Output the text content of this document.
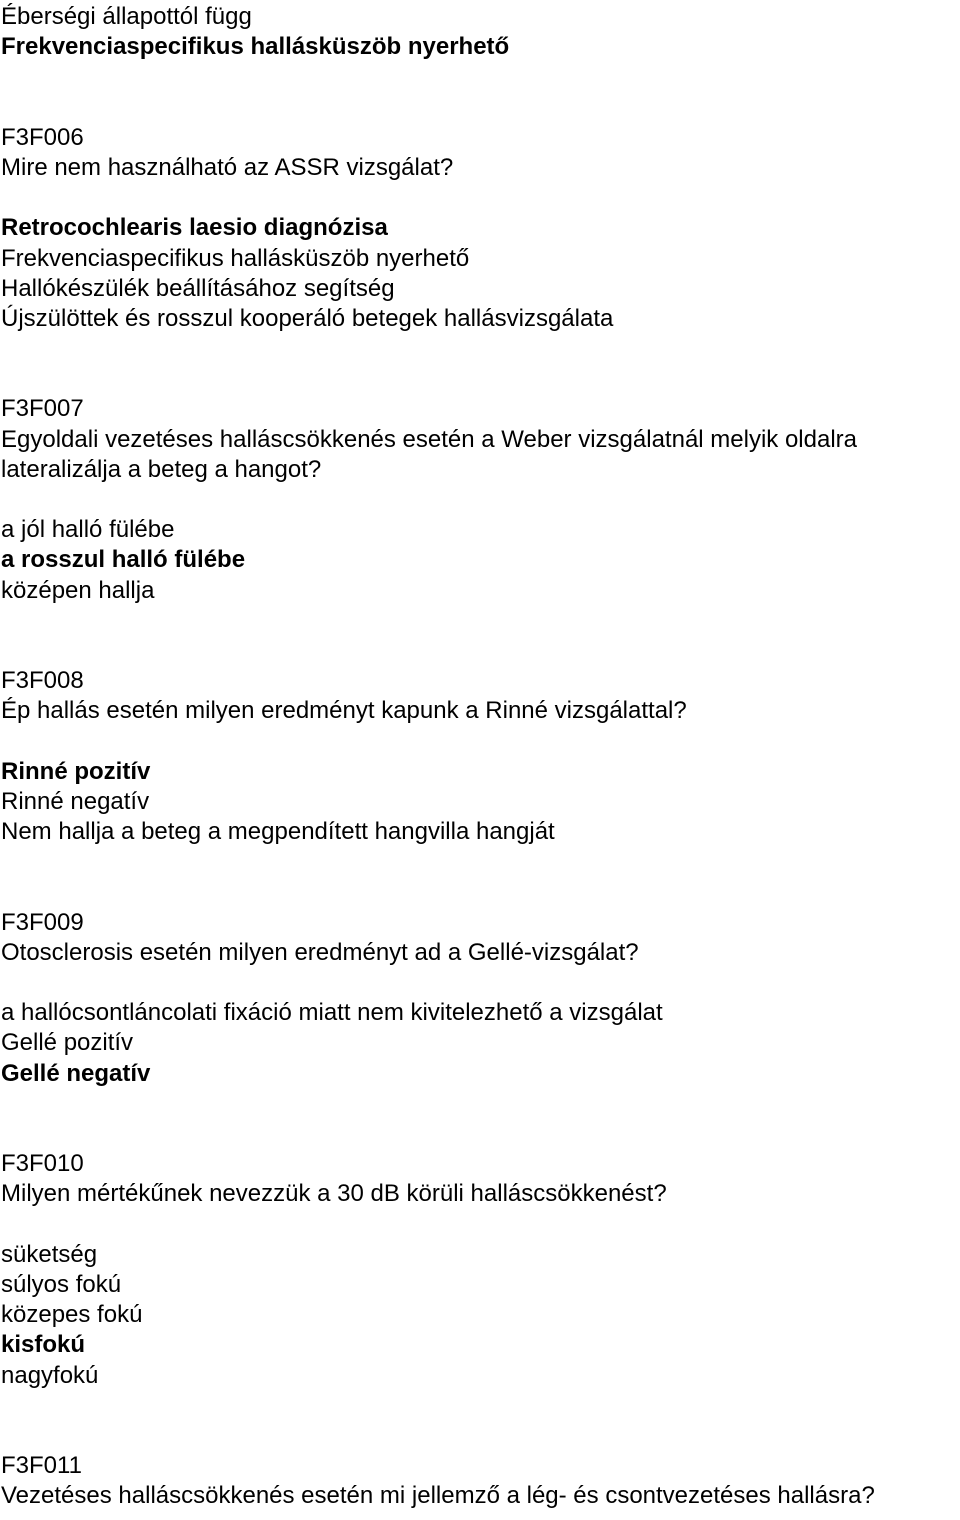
Éberségi állapottól függ
Frekvenciaspecifikus hallásküszöb nyerhető
F3F006
Mire nem használható az ASSR vizsgálat?
Retrocochlearis laesio diagnózisa
Frekvenciaspecifikus hallásküszöb nyerhető
Hallókészülék beállításához segítség
Újszülöttek és rosszul kooperáló betegek hallásvizsgálata
F3F007
Egyoldali vezetéses halláscsökkenés esetén a Weber vizsgálatnál melyik oldalra lateralizálja a beteg a hangot?
a jól halló fülébe
a rosszul halló fülébe
középen hallja
F3F008
Ép hallás esetén milyen eredményt kapunk a Rinné vizsgálattal?
Rinné pozitív
Rinné negatív
Nem hallja a beteg a megpendített hangvilla hangját
F3F009
Otosclerosis esetén milyen eredményt ad a Gellé-vizsgálat?
a hallócsontláncolati fixáció miatt nem kivitelezhető a vizsgálat
Gellé pozitív
Gellé negatív
F3F010
Milyen mértékűnek nevezzük a 30 dB körüli halláscsökkenést?
süketség
súlyos fokú
közepes fokú
kisfokú
nagyfokú
F3F011
Vezetéses halláscsökkenés esetén mi jellemző a lég- és csontvezetéses hallásra?
